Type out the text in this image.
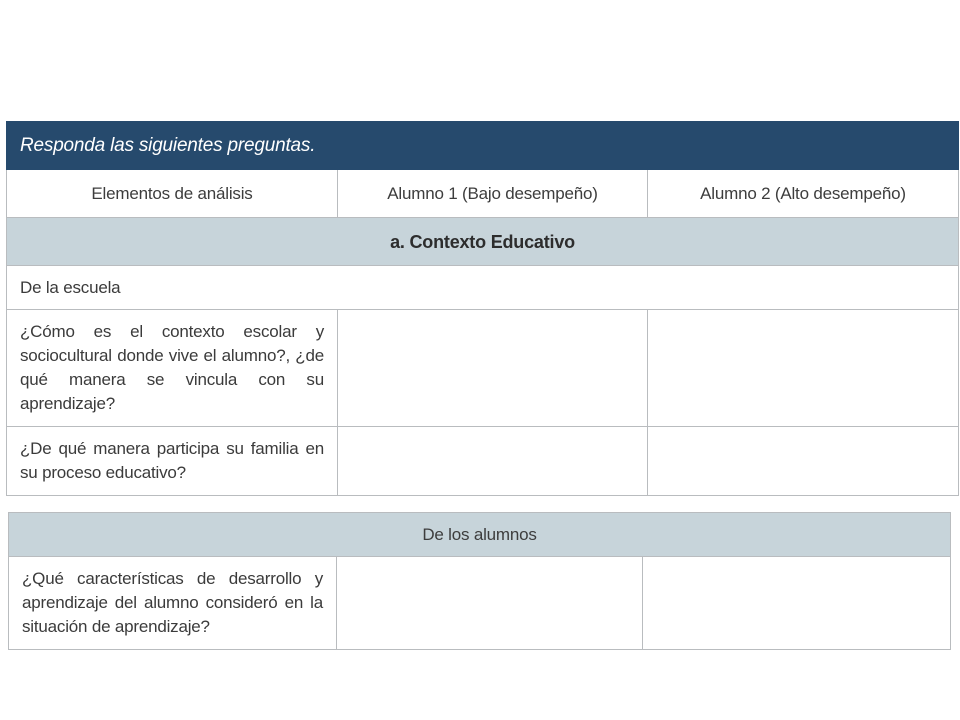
Responda las siguientes preguntas.		
Elementos de análisis	Alumno 1 (Bajo desempeño)	Alumno 2 (Alto desempeño)
a. Contexto Educativo		
De la escuela		
¿Cómo es el contexto escolar y sociocultural donde vive el alumno?, ¿de qué manera se vincula con su aprendizaje?		
¿De qué manera participa su familia en su proceso educativo?		
De los alumnos
¿Qué características de desarrollo y aprendizaje del alumno consideró en la situación de aprendizaje?		
